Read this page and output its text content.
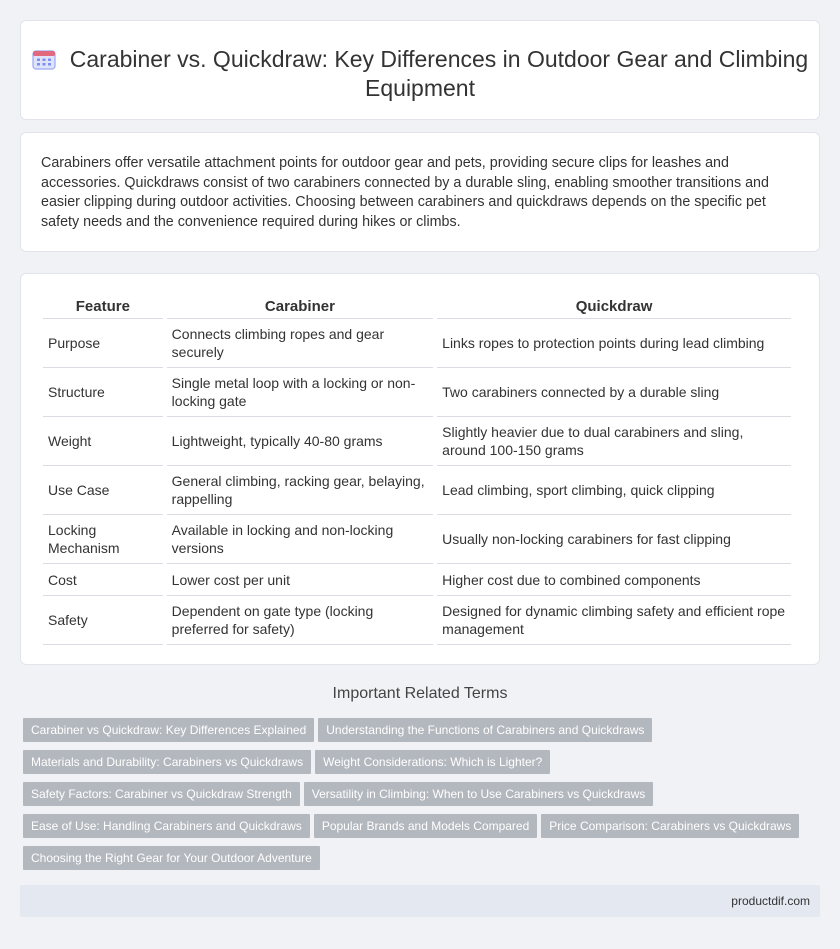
Carabiner vs. Quickdraw: Key Differences in Outdoor Gear and Climbing Equipment

Carabiners offer versatile attachment points for outdoor gear and pets, providing secure clips for leashes and accessories. Quickdraws consist of two carabiners connected by a durable sling, enabling smoother transitions and easier clipping during outdoor activities. Choosing between carabiners and quickdraws depends on the specific pet safety needs and the convenience required during hikes or climbs.

Feature	Carabiner	Quickdraw
Purpose	Connects climbing ropes and gear securely	Links ropes to protection points during lead climbing
Structure	Single metal loop with a locking or non-locking gate	Two carabiners connected by a durable sling
Weight	Lightweight, typically 40-80 grams	Slightly heavier due to dual carabiners and sling, around 100-150 grams
Use Case	General climbing, racking gear, belaying, rappelling	Lead climbing, sport climbing, quick clipping
Locking Mechanism	Available in locking and non-locking versions	Usually non-locking carabiners for fast clipping
Cost	Lower cost per unit	Higher cost due to combined components
Safety	Dependent on gate type (locking preferred for safety)	Designed for dynamic climbing safety and efficient rope management
Important Related Terms
Carabiner vs Quickdraw: Key Differences Explained Understanding the Functions of Carabiners and Quickdraws
Materials and Durability: Carabiners vs Quickdraws Weight Considerations: Which is Lighter?
Safety Factors: Carabiner vs Quickdraw Strength Versatility in Climbing: When to Use Carabiners vs Quickdraws
Ease of Use: Handling Carabiners and Quickdraws Popular Brands and Models Compared Price Comparison: Carabiners vs Quickdraws
Choosing the Right Gear for Your Outdoor Adventure
productdif.com
